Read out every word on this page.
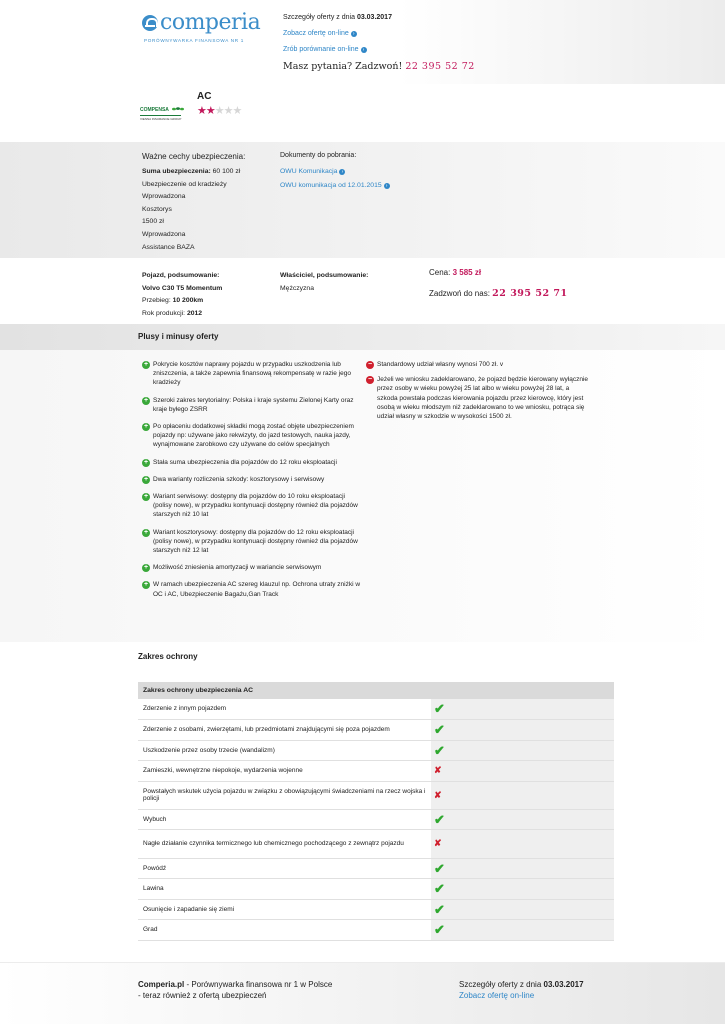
comperia
PORÓWNYWARKA FINANSOWA NR 1
Szczegóły oferty z dnia 03.03.2017
Zobacz ofertę on-line ›
Zrób porównanie on-line ›
Masz pytania? Zadzwoń! 22 395 52 72
COMPENSA
VIENNA INSURANCE GROUP
AC
★★★★★
Ważne cechy ubezpieczenia:
Suma ubezpieczenia: 60 100 zł
Ubezpieczenie od kradzieży
Wprowadzona
Kosztorys
1500 zł
Wprowadzona
Assistance BAZA
Dokumenty do pobrania:
OWU Komunikacja ›
OWU komunikacja od 12.01.2015 ›
Pojazd, podsumowanie:
Volvo C30 T5 Momentum
Przebieg: 10 200km
Rok produkcji: 2012
Właściciel, podsumowanie:
Mężczyzna
Cena: 3 585 zł
Zadzwoń do nas: 22 395 52 71
Plusy i minusy oferty
+ Pokrycie kosztów naprawy pojazdu w przypadku uszkodzenia lub zniszczenia, a także zapewnia finansową rekompensatę w razie jego kradzieży
+ Szeroki zakres terytorialny: Polska i kraje systemu Zielonej Karty oraz kraje byłego ZSRR
+ Po opłaceniu dodatkowej składki mogą zostać objęte ubezpieczeniem pojazdy np: używane jako rekwizyty, do jazd testowych, nauka jazdy, wynajmowane zarobkowo czy używane do celów specjalnych
+ Stała suma ubezpieczenia dla pojazdów do 12 roku eksploatacji
+ Dwa warianty rozliczenia szkody: kosztorysowy i serwisowy
+ Wariant serwisowy: dostępny dla pojazdów do 10 roku eksploatacji (polisy nowe), w przypadku kontynuacji dostępny również dla pojazdów starszych niż 10 lat
+ Wariant kosztorysowy: dostępny dla pojazdów do 12 roku eksploatacji (polisy nowe), w przypadku kontynuacji dostępny również dla pojazdów starszych niż 12 lat
+ Możliwość zniesienia amortyzacji w wariancie serwisowym
+ W ramach ubezpieczenia AC szereg klauzul np. Ochrona utraty zniżki w OC i AC, Ubezpieczenie Bagażu,Gan Track
− Standardowy udział własny wynosi 700 zł. v
− Jeżeli we wniosku zadeklarowano, że pojazd będzie kierowany wyłącznie przez osoby w wieku powyżej 25 lat albo w wieku powyżej 28 lat, a szkoda powstała podczas kierowania pojazdu przez kierowcę, który jest osobą w wieku młodszym niż zadeklarowano to we wniosku, potrąca się udział własny w szkodzie w wysokości 1500 zł.
Zakres ochrony
Zakres ochrony ubezpieczenia AC	
Zderzenie z innym pojazdem	✔
Zderzenie z osobami, zwierzętami, lub przedmiotami znajdującymi się poza pojazdem	✔
Uszkodzenie przez osoby trzecie (wandalizm)	✔
Zamieszki, wewnętrzne niepokoje, wydarzenia wojenne	✘
Powstałych wskutek użycia pojazdu w związku z obowiązującymi świadczeniami na rzecz wojska i policji	✘
Wybuch	✔
Nagłe działanie czynnika termicznego lub chemicznego pochodzącego z zewnątrz pojazdu	✘
Powódź	✔
Lawina	✔
Osunięcie i zapadanie się ziemi	✔
Grad	✔
Comperia.pl - Porównywarka finansowa nr 1 w Polsce
- teraz również z ofertą ubezpieczeń
Szczegóły oferty z dnia 03.03.2017
Zobacz ofertę on-line
